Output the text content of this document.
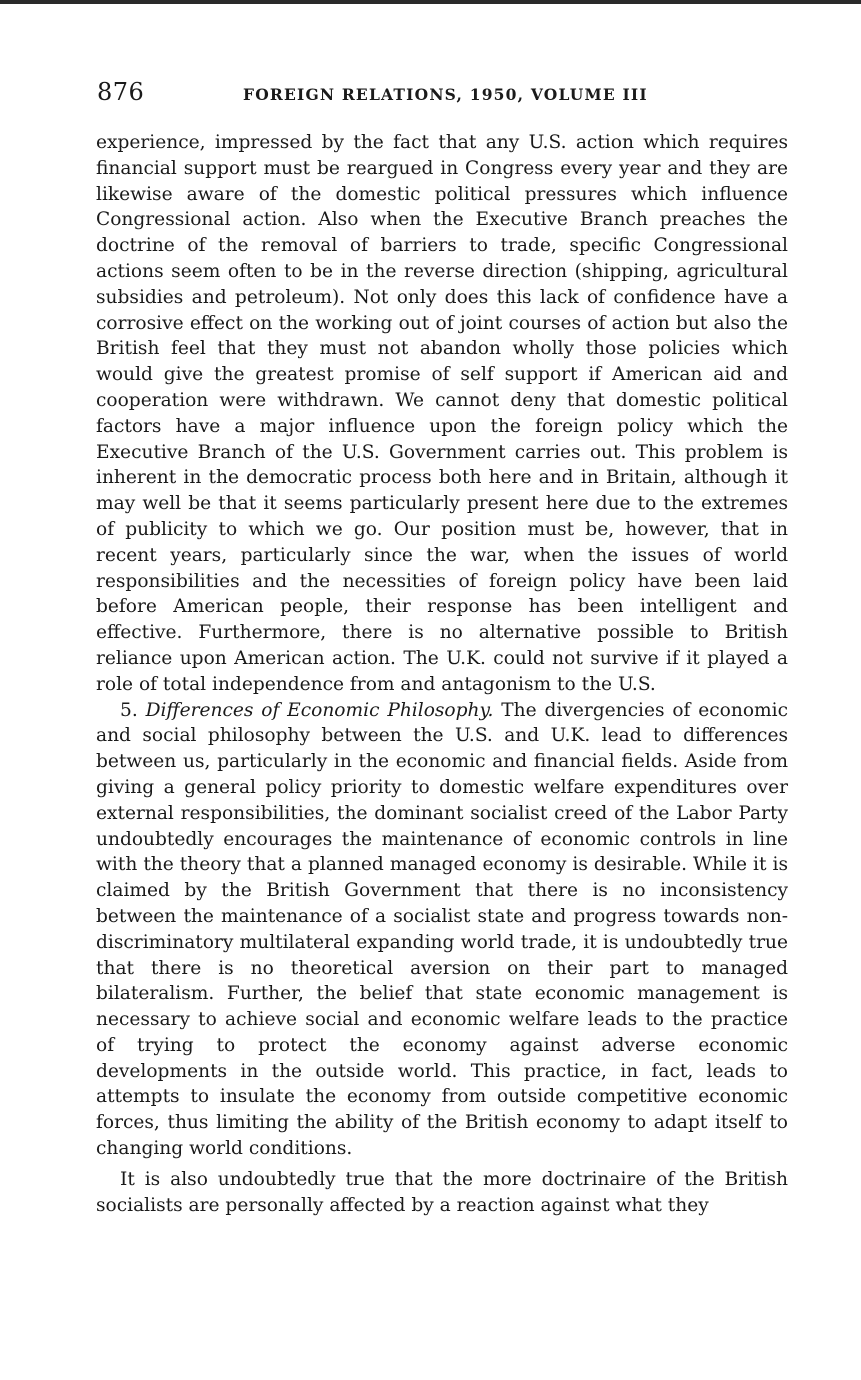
876	FOREIGN RELATIONS, 1950, VOLUME III

experience, impressed by the fact that any U.S. action which requires financial support must be reargued in Congress every year and they are likewise aware of the domestic political pressures which influence Congressional action. Also when the Executive Branch preaches the doctrine of the removal of barriers to trade, specific Congressional actions seem often to be in the reverse direction (shipping, agricultural subsidies and petroleum). Not only does this lack of confidence have a corrosive effect on the working out of joint courses of action but also the British feel that they must not abandon wholly those policies which would give the greatest promise of self support if American aid and cooperation were withdrawn. We cannot deny that domestic political factors have a major influence upon the foreign policy which the Executive Branch of the U.S. Government carries out. This problem is inherent in the democratic process both here and in Britain, although it may well be that it seems particularly present here due to the extremes of publicity to which we go. Our position must be, however, that in recent years, particularly since the war, when the issues of world responsibilities and the necessities of foreign policy have been laid before American people, their response has been intelligent and effective. Furthermore, there is no alternative possible to British reliance upon American action. The U.K. could not survive if it played a role of total independence from and antagonism to the U.S.

5. Differences of Economic Philosophy. The divergencies of economic and social philosophy between the U.S. and U.K. lead to differences between us, particularly in the economic and financial fields. Aside from giving a general policy priority to domestic welfare expenditures over external responsibilities, the dominant socialist creed of the Labor Party undoubtedly encourages the maintenance of economic controls in line with the theory that a planned managed economy is desirable. While it is claimed by the British Government that there is no inconsistency between the maintenance of a socialist state and progress towards non-discriminatory multilateral expanding world trade, it is undoubtedly true that there is no theoretical aversion on their part to managed bilateralism. Further, the belief that state economic management is necessary to achieve social and economic welfare leads to the practice of trying to protect the economy against adverse economic developments in the outside world. This practice, in fact, leads to attempts to insulate the economy from outside competitive economic forces, thus limiting the ability of the British economy to adapt itself to changing world conditions.

It is also undoubtedly true that the more doctrinaire of the British socialists are personally affected by a reaction against what they
